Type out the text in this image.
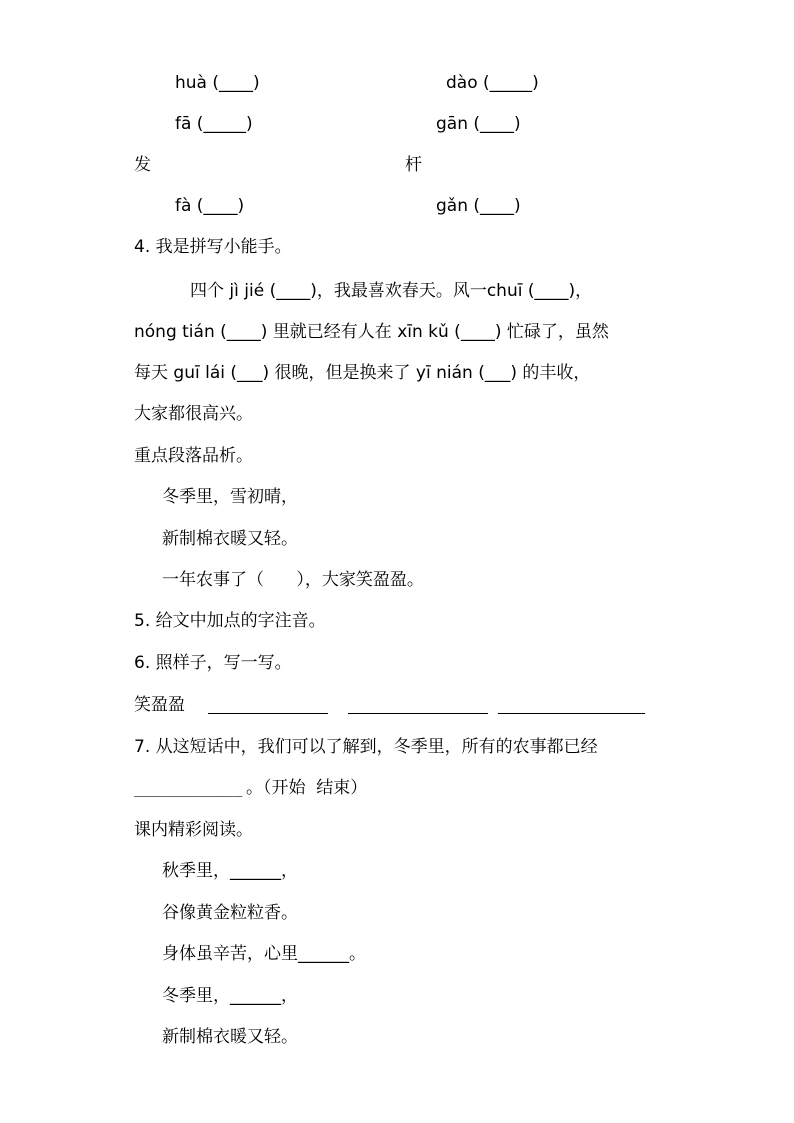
huà (____)	dào (_____)
fā (_____)	gān (____)
发	杆
fà (____)	gǎn (____)
4. 我是拼写小能手。
四个 jì jié (____)，我最喜欢春天。风一chuī (____)，
nóng tián (____) 里就已经有人在 xīn kǔ (____) 忙碌了，虽然
每天 guī lái (___) 很晚，但是换来了 yī nián (___) 的丰收，
大家都很高兴。
重点段落品析。
冬季里，雪初晴，
新制棉衣暖又轻。
一年农事了（      ），大家笑盈盈。
5. 给文中加点的字注音。
6. 照样子，写一写。
笑盈盈
7. 从这短话中，我们可以了解到，冬季里，所有的农事都已经
____________ 。（开始  结束）
课内精彩阅读。
秋季里，______，
谷像黄金粒粒香。
身体虽辛苦，心里______。
冬季里，______，
新制棉衣暖又轻。
